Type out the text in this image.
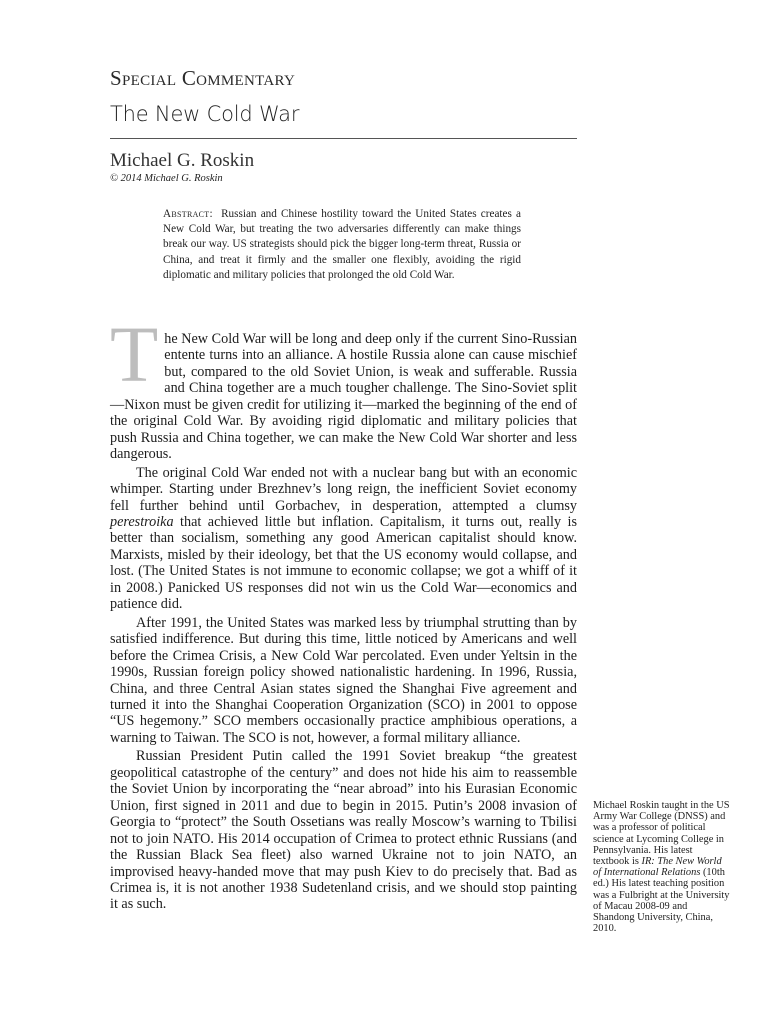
Special Commentary
The New Cold War
Michael G. Roskin
© 2014 Michael G. Roskin
Abstract: Russian and Chinese hostility toward the United States creates a New Cold War, but treating the two adversaries differently can make things break our way. US strategists should pick the bigger long-term threat, Russia or China, and treat it firmly and the smaller one flexibly, avoiding the rigid diplomatic and military policies that prolonged the old Cold War.

T he New Cold War will be long and deep only if the current Sino-Russian entente turns into an alliance. A hostile Russia alone can cause mischief but, compared to the old Soviet Union, is weak and sufferable. Russia and China together are a much tougher challenge. The Sino-Soviet split—Nixon must be given credit for utilizing it—marked the beginning of the end of the original Cold War. By avoiding rigid diplomatic and military policies that push Russia and China together, we can make the New Cold War shorter and less dangerous.

The original Cold War ended not with a nuclear bang but with an economic whimper. Starting under Brezhnev’s long reign, the inefficient Soviet economy fell further behind until Gorbachev, in desperation, attempted a clumsy perestroika that achieved little but inflation. Capitalism, it turns out, really is better than socialism, something any good American capitalist should know. Marxists, misled by their ideology, bet that the US economy would collapse, and lost. (The United States is not immune to economic collapse; we got a whiff of it in 2008.) Panicked US responses did not win us the Cold War—economics and patience did.

After 1991, the United States was marked less by triumphal strutting than by satisfied indifference. But during this time, little noticed by Americans and well before the Crimea Crisis, a New Cold War percolated. Even under Yeltsin in the 1990s, Russian foreign policy showed nationalistic hardening. In 1996, Russia, China, and three Central Asian states signed the Shanghai Five agreement and turned it into the Shanghai Cooperation Organization (SCO) in 2001 to oppose “US hegemony.” SCO members occasionally practice amphibious operations, a warning to Taiwan. The SCO is not, however, a formal military alliance.

Russian President Putin called the 1991 Soviet breakup “the greatest geopolitical catastrophe of the century” and does not hide his aim to reassemble the Soviet Union by incorporating the “near abroad” into his Eurasian Economic Union, first signed in 2011 and due to begin in 2015. Putin’s 2008 invasion of Georgia to “protect” the South Ossetians was really Moscow’s warning to Tbilisi not to join NATO. His 2014 occupation of Crimea to protect ethnic Russians (and the Russian Black Sea fleet) also warned Ukraine not to join NATO, an improvised heavy-handed move that may push Kiev to do precisely that. Bad as Crimea is, it is not another 1938 Sudetenland crisis, and we should stop painting it as such.

Michael Roskin taught in the US Army War College (DNSS) and was a professor of political science at Lycoming College in Pennsylvania. His latest textbook is IR: The New World of International Relations (10th ed.) His latest teaching position was a Fulbright at the University of Macau 2008-09 and Shandong University, China, 2010.
